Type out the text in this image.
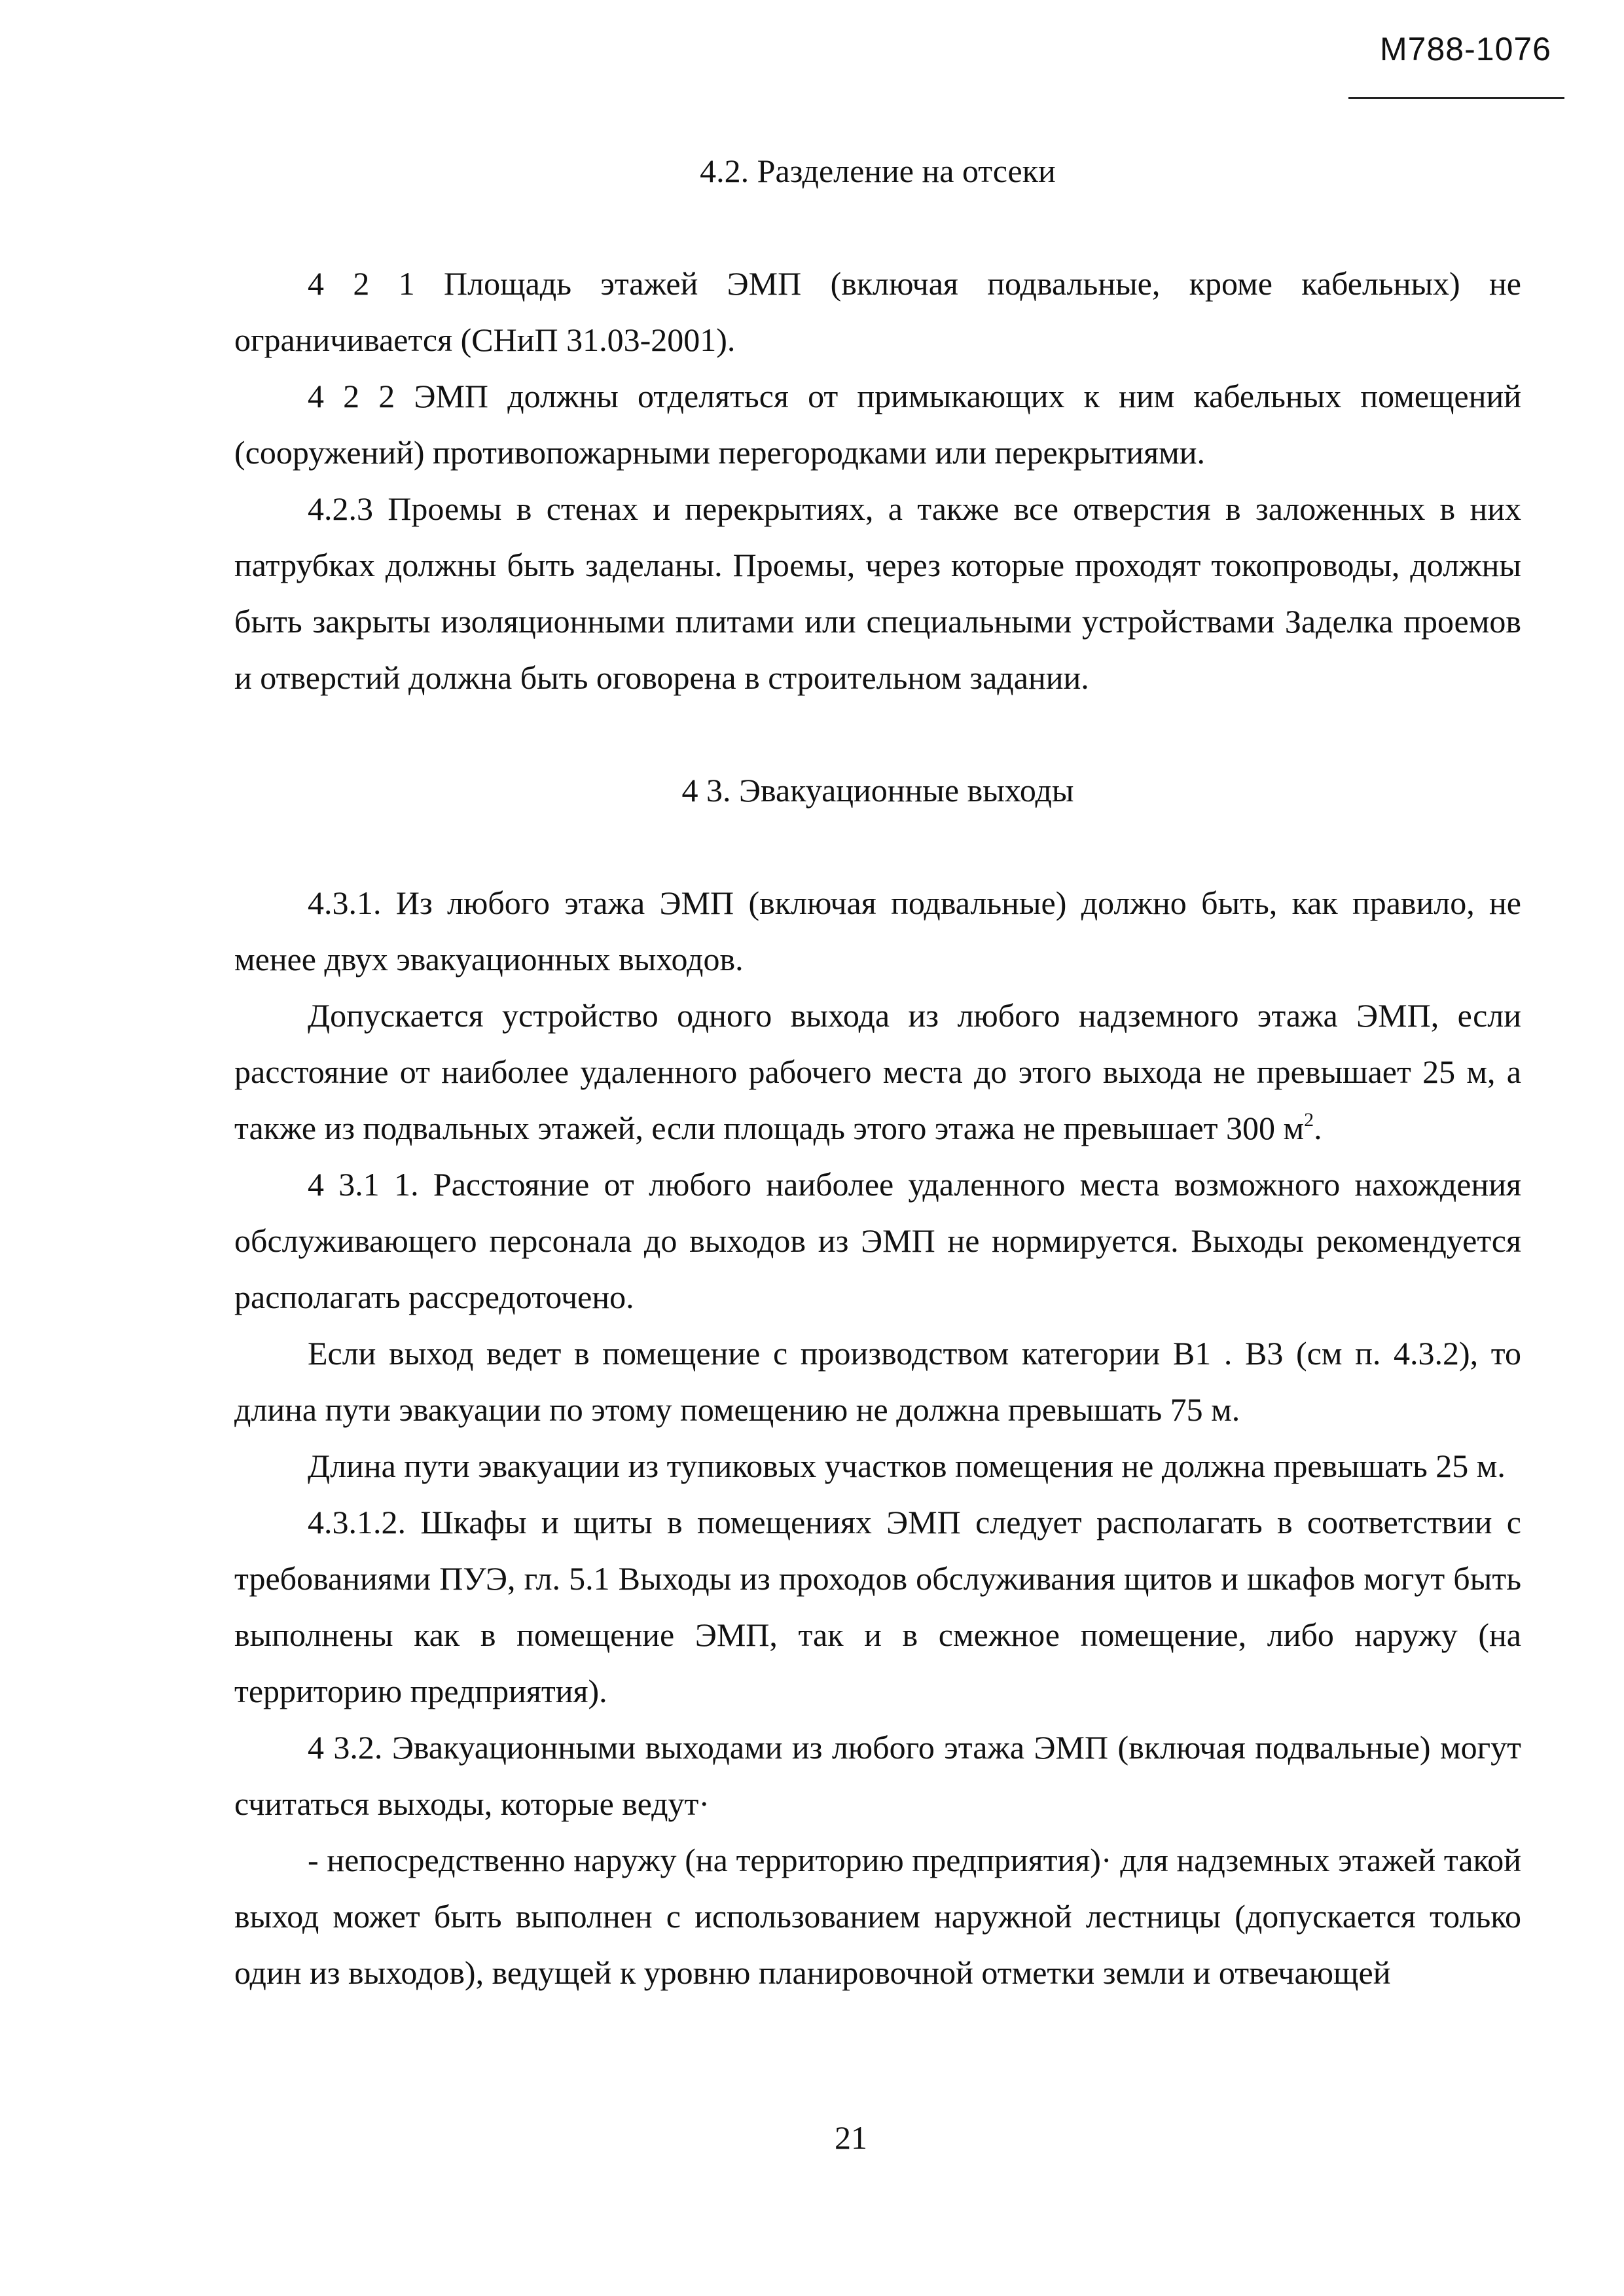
М788-1076

4.2. Разделение на отсеки

4 2 1 Площадь этажей ЭМП (включая подвальные, кроме кабельных) не ограничивается (СНиП 31.03-2001).

4 2 2 ЭМП должны отделяться от примыкающих к ним кабельных помещений (сооружений) противопожарными перегородками или перекрытиями.

4.2.3 Проемы в стенах и перекрытиях, а также все отверстия в заложенных в них патрубках должны быть заделаны. Проемы, через которые проходят токопроводы, должны быть закрыты изоляционными плитами или специальными устройствами Заделка проемов и отверстий должна быть оговорена в строительном задании.

4 3. Эвакуационные выходы

4.3.1. Из любого этажа ЭМП (включая подвальные) должно быть, как правило, не менее двух эвакуационных выходов.

Допускается устройство одного выхода из любого надземного этажа ЭМП, если расстояние от наиболее удаленного рабочего места до этого выхода не превышает 25 м, а также из подвальных этажей, если площадь этого этажа не превышает 300 $м^2$.

4 3.1 1. Расстояние от любого наиболее удаленного места возможного нахождения обслуживающего персонала до выходов из ЭМП не нормируется. Выходы рекомендуется располагать рассредоточено.

Если выход ведет в помещение с производством категории В1 . В3 (см п. 4.3.2), то длина пути эвакуации по этому помещению не должна превышать 75 м.

Длина пути эвакуации из тупиковых участков помещения не должна превышать 25 м.

4.3.1.2. Шкафы и щиты в помещениях ЭМП следует располагать в соответствии с требованиями ПУЭ, гл. 5.1 Выходы из проходов обслуживания щитов и шкафов могут быть выполнены как в помещение ЭМП, так и в смежное помещение, либо наружу (на территорию предприятия).

4 3.2. Эвакуационными выходами из любого этажа ЭМП (включая подвальные) могут считаться выходы, которые ведут·

- непосредственно наружу (на территорию предприятия)· для надземных этажей такой выход может быть выполнен с использованием наружной лестницы (допускается только один из выходов), ведущей к уровню планировочной отметки земли и отвечающей

21
